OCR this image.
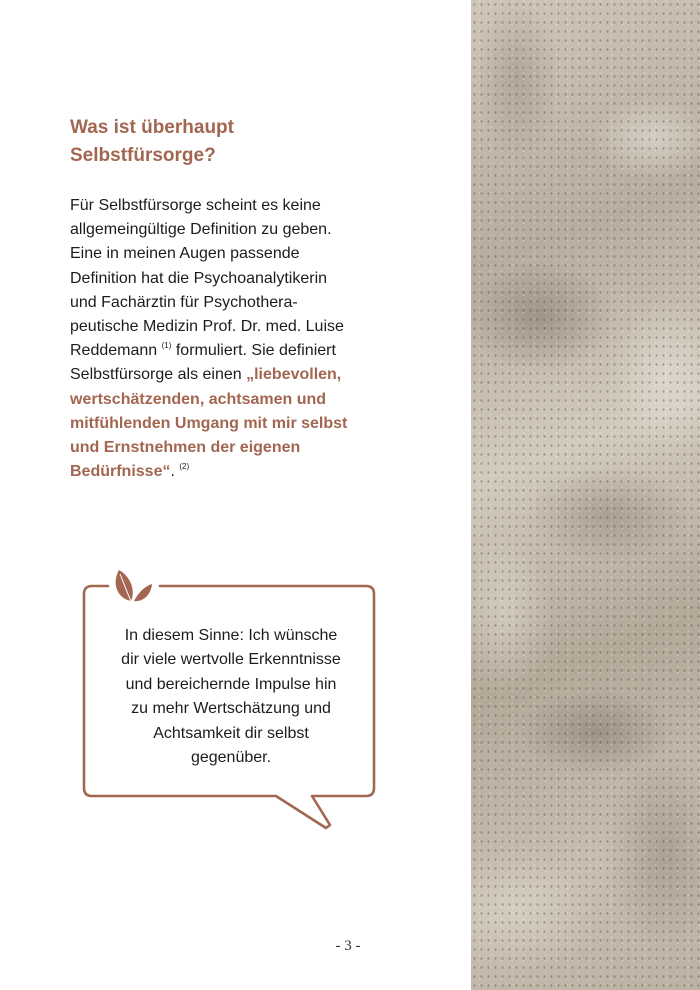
Was ist überhaupt
Selbstfürsorge?
Für Selbstfürsorge scheint es keine
allgemeingültige Definition zu geben.
Eine in meinen Augen passende
Definition hat die Psychoanalytikerin
und Fachärztin für Psychothera-
peutische Medizin Prof. Dr. med. Luise
Reddemann $^{(1)}$ formuliert. Sie definiert
Selbstfürsorge als einen „liebevollen,
wertschätzenden, achtsamen und
mitfühlenden Umgang mit mir selbst
und Ernstnehmen der eigenen
Bedürfnisse“. $^{(2)}$
In diesem Sinne: Ich wünsche
dir viele wertvolle Erkenntnisse
und bereichernde Impulse hin
zu mehr Wertschätzung und
Achtsamkeit dir selbst
gegenüber.
- 3 -
